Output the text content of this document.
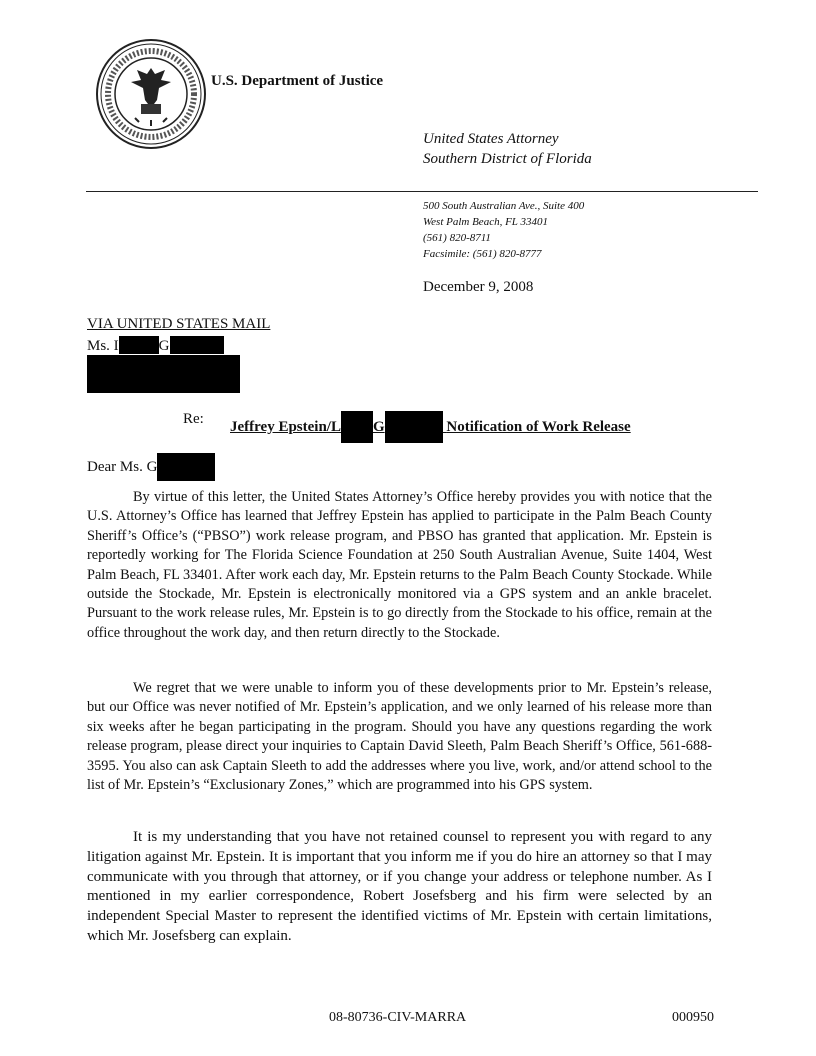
U.S. Department of Justice
United States Attorney
Southern District of Florida
500 South Australian Ave., Suite 400
West Palm Beach, FL 33401
(561) 820-8711
Facsimile: (561) 820-8777
December 9, 2008
VIA UNITED STATES MAIL
Ms. I	G
Re: Jeffrey Epstein/L G	Notification of Work Release
Dear Ms. G
By virtue of this letter, the United States Attorney’s Office hereby provides you with notice that the U.S. Attorney’s Office has learned that Jeffrey Epstein has applied to participate in the Palm Beach County Sheriff’s Office’s (“PBSO”) work release program, and PBSO has granted that application. Mr. Epstein is reportedly working for The Florida Science Foundation at 250 South Australian Avenue, Suite 1404, West Palm Beach, FL 33401. After work each day, Mr. Epstein returns to the Palm Beach County Stockade. While outside the Stockade, Mr. Epstein is electronically monitored via a GPS system and an ankle bracelet. Pursuant to the work release rules, Mr. Epstein is to go directly from the Stockade to his office, remain at the office throughout the work day, and then return directly to the Stockade.
We regret that we were unable to inform you of these developments prior to Mr. Epstein’s release, but our Office was never notified of Mr. Epstein’s application, and we only learned of his release more than six weeks after he began participating in the program. Should you have any questions regarding the work release program, please direct your inquiries to Captain David Sleeth, Palm Beach Sheriff’s Office, 561-688-3595. You also can ask Captain Sleeth to add the addresses where you live, work, and/or attend school to the list of Mr. Epstein’s “Exclusionary Zones,” which are programmed into his GPS system.
It is my understanding that you have not retained counsel to represent you with regard to any litigation against Mr. Epstein. It is important that you inform me if you do hire an attorney so that I may communicate with you through that attorney, or if you change your address or telephone number. As I mentioned in my earlier correspondence, Robert Josefsberg and his firm were selected by an independent Special Master to represent the identified victims of Mr. Epstein with certain limitations, which Mr. Josefsberg can explain.
08-80736-CIV-MARRA	000950
